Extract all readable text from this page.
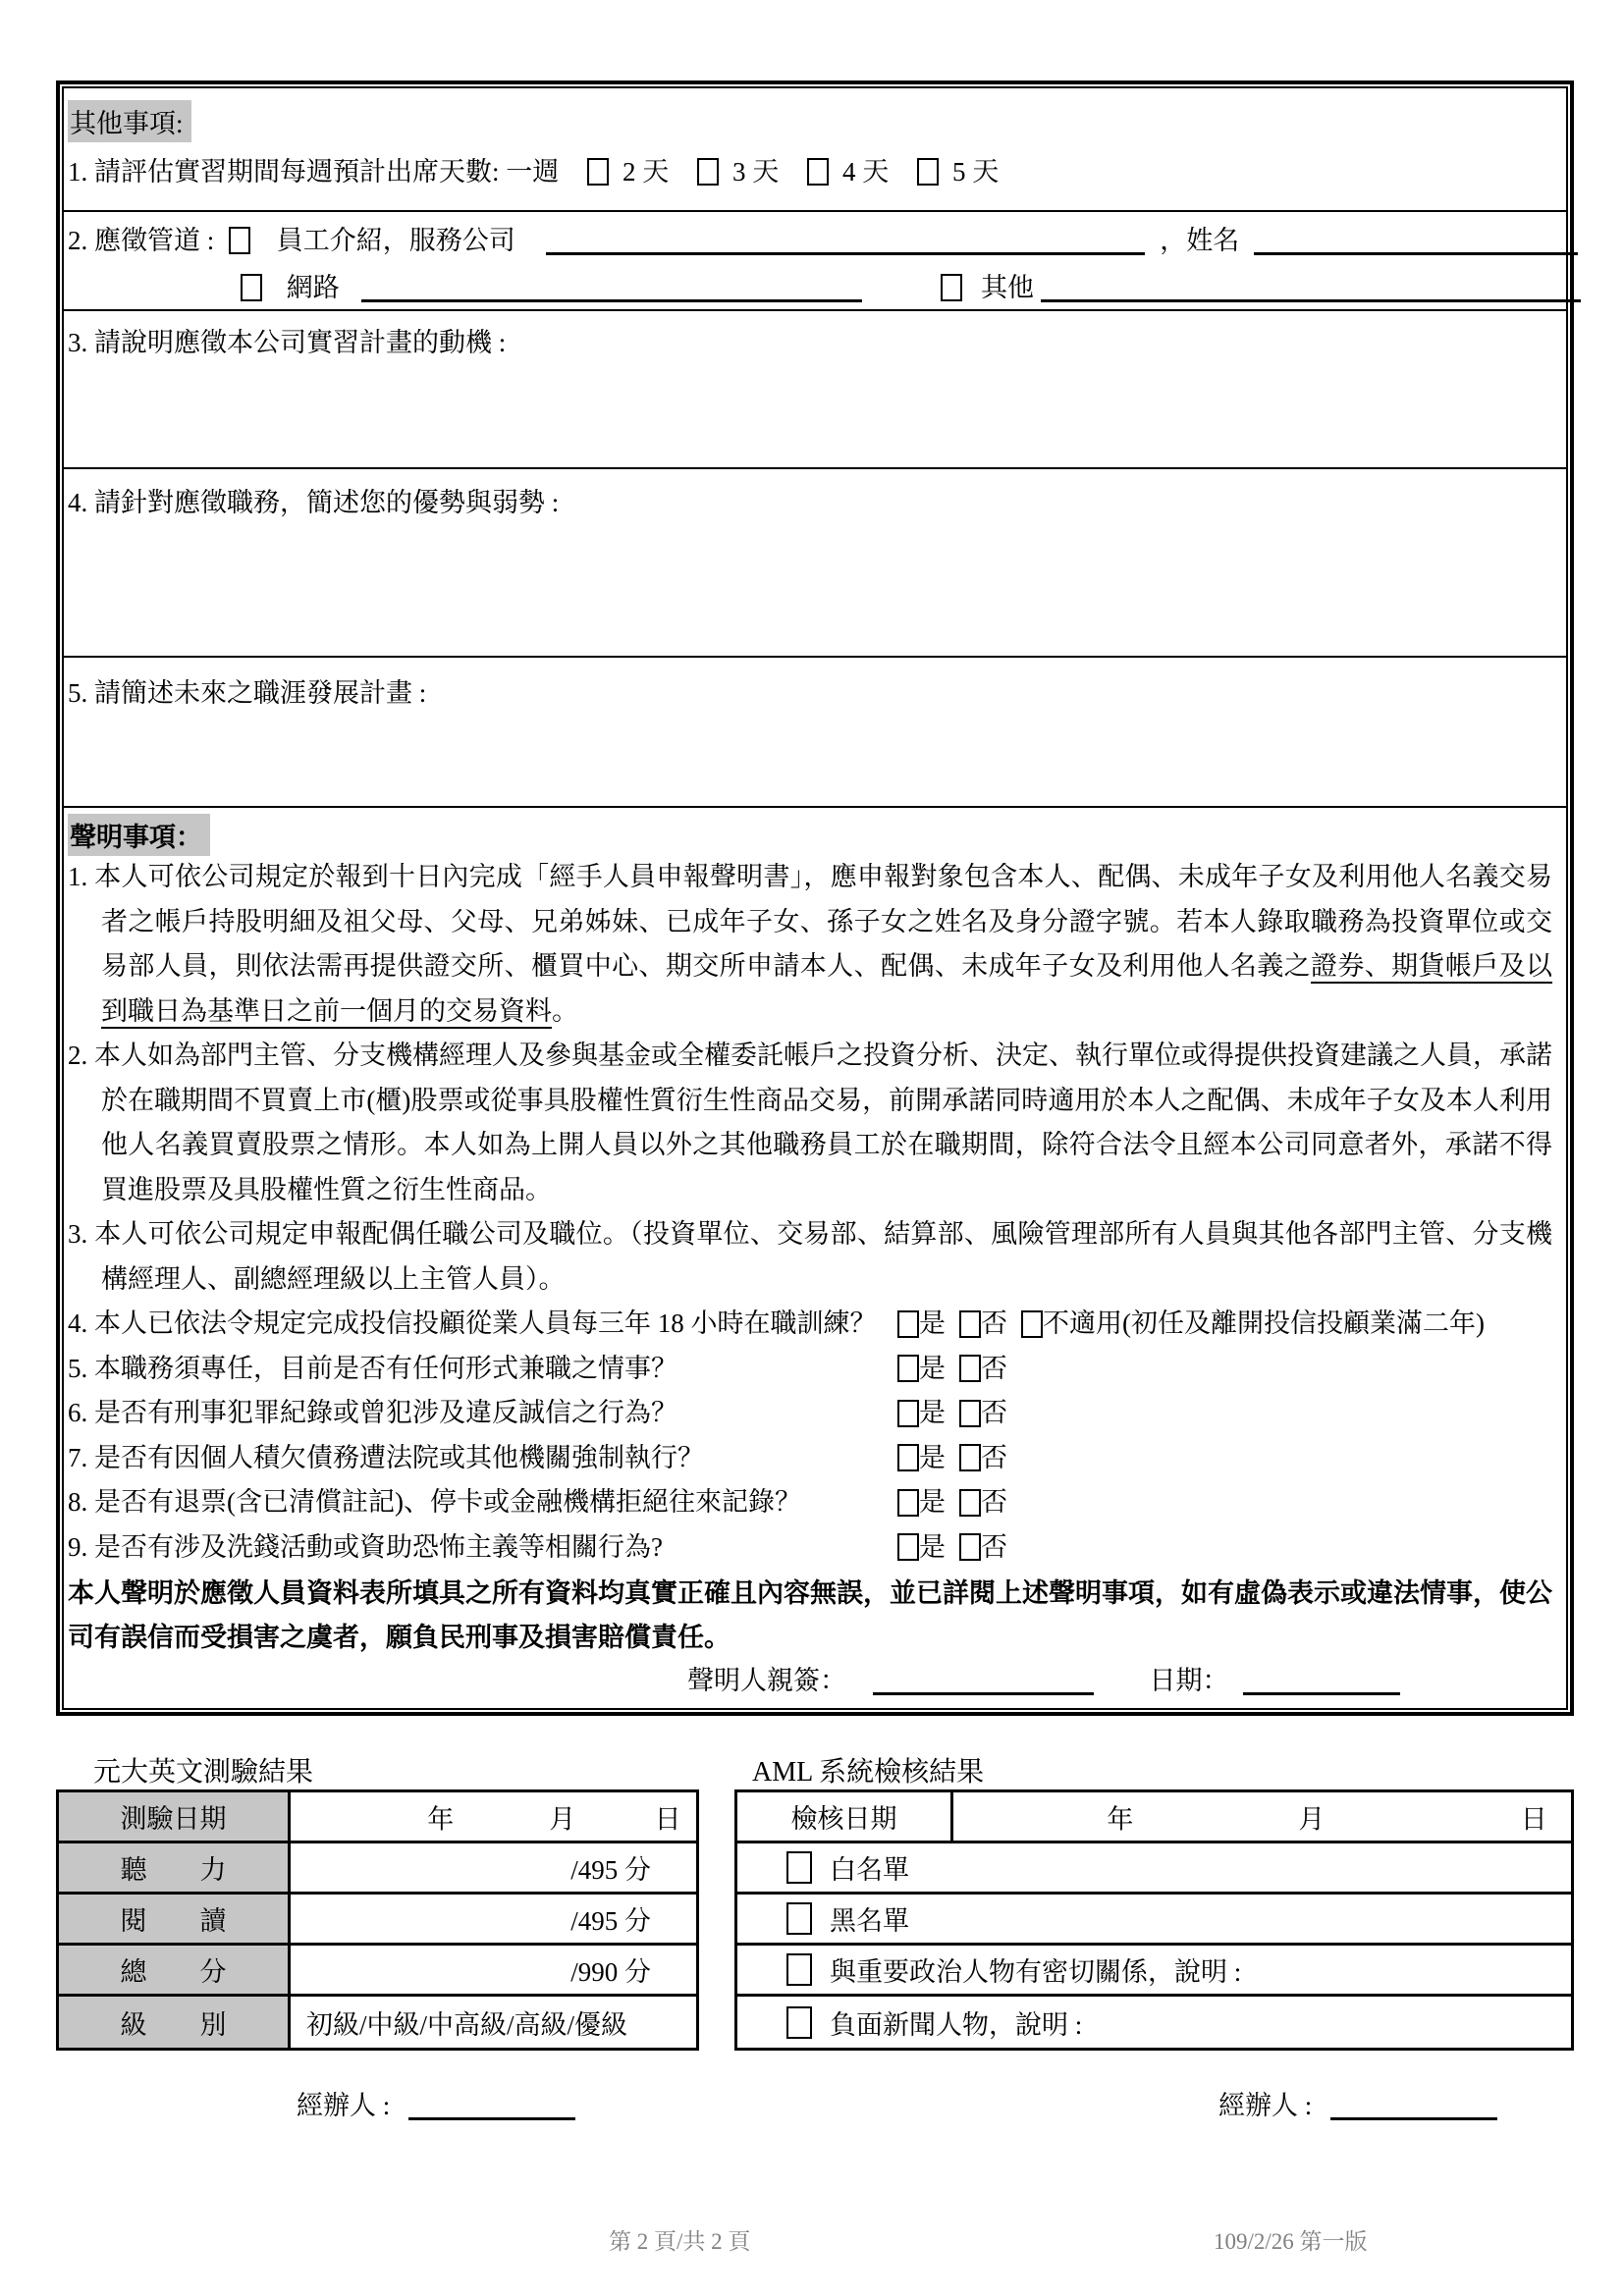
其他事項:
1. 請評估實習期間每週預計出席天數: 一週 2 天 3 天 4 天 5 天
2. 應徵管道 : 員工介紹，服務公司	，姓名
網路	其他
3. 請說明應徵本公司實習計畫的動機 :
4. 請針對應徵職務，簡述您的優勢與弱勢 :
5. 請簡述未來之職涯發展計畫 :
聲明事項：

1. 本人可依公司規定於報到十日內完成「經手人員申報聲明書」，應申報對象包含本人、配偶、未成年子女及利用他人名義交易者之帳戶持股明細及祖父母、父母、兄弟姊妹、已成年子女、孫子女之姓名及身分證字號。若本人錄取職務為投資單位或交易部人員，則依法需再提供證交所、櫃買中心、期交所申請本人、配偶、未成年子女及利用他人名義之證券、期貨帳戶及以到職日為基準日之前一個月的交易資料。

2. 本人如為部門主管、分支機構經理人及參與基金或全權委託帳戶之投資分析、決定、執行單位或得提供投資建議之人員，承諾於在職期間不買賣上市(櫃)股票或從事具股權性質衍生性商品交易，前開承諾同時適用於本人之配偶、未成年子女及本人利用他人名義買賣股票之情形。本人如為上開人員以外之其他職務員工於在職期間，除符合法令且經本公司同意者外，承諾不得買進股票及具股權性質之衍生性商品。

3. 本人可依公司規定申報配偶任職公司及職位。（投資單位、交易部、結算部、風險管理部所有人員與其他各部門主管、分支機構經理人、副總經理級以上主管人員）。

4. 本人已依法令規定完成投信投顧從業人員每三年 18 小時在職訓練？	是 否 不適用(初任及離開投信投顧業滿二年)
5. 本職務須專任，目前是否有任何形式兼職之情事？	是 否
6. 是否有刑事犯罪紀錄或曾犯涉及違反誠信之行為？	是 否
7. 是否有因個人積欠債務遭法院或其他機關強制執行？	是 否
8. 是否有退票(含已清償註記)、停卡或金融機構拒絕往來記錄？	是 否
9. 是否有涉及洗錢活動或資助恐怖主義等相關行為?	是 否

本人聲明於應徵人員資料表所填具之所有資料均真實正確且內容無誤，並已詳閱上述聲明事項，如有虛偽表示或違法情事，使公司有誤信而受損害之虞者，願負民刑事及損害賠償責任。

聲明人親簽：	日期：
元大英文測驗結果
測驗日期	年	月	日
聽　　力	/495 分
閱　　讀	/495 分
總　　分	/990 分
級　　別	初級/中級/中高級/高級/優級
經辦人 :
AML 系統檢核結果
檢核日期	年	月	日
白名單
黑名單
與重要政治人物有密切關係，說明 :
負面新聞人物，說明 :
經辦人 :
第 2 頁/共 2 頁	109/2/26 第一版
